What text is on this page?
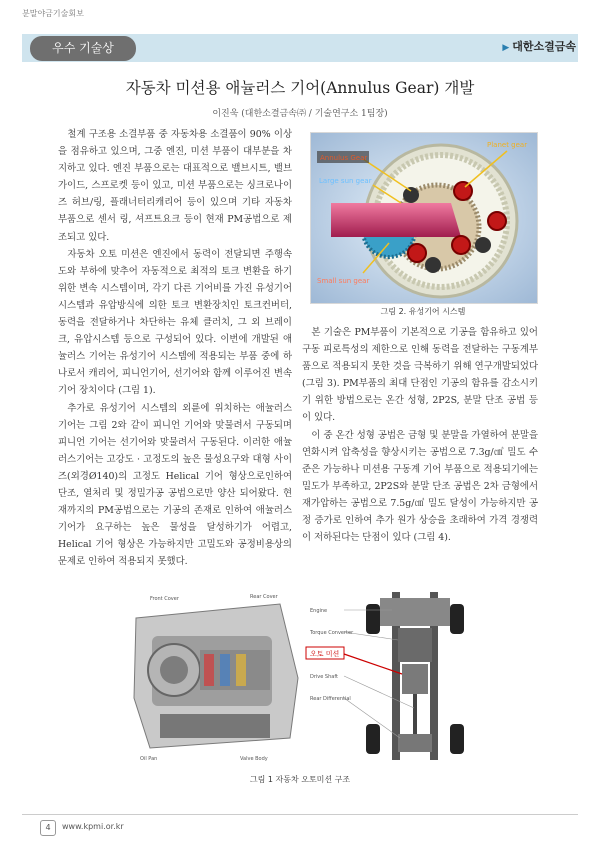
분말야금기술회보
우수 기술상	▶ 대한소결금속
자동차 미션용 애뉼러스 기어(Annulus Gear) 개발
이진욱 (대한소결금속㈜ / 기술연구소 1팀장)

철계 구조용 소결부품 중 자동차용 소결품이 90% 이상을 점유하고 있으며, 그중 엔진, 미션 부품이 대부분을 차지하고 있다. 엔진 부품으로는 대표적으로 밸브시트, 밸브가이드, 스프로켓 등이 있고, 미션 부품으로는 싱크로나이즈 허브/링, 플래너터리캐리어 등이 있으며 기타 자동차 부품으로 센서 링, 셔프트요크 등이 현재 PM공법으로 제조되고 있다.

자동차 오토 미션은 엔진에서 동력이 전달되면 주행속도와 부하에 맞추어 자동적으로 최적의 토크 변환을 하기 위한 변속 시스템이며, 각기 다른 기어비를 가진 유성기어 시스템과 유압방식에 의한 토크 변환장치인 토크컨버터, 동력을 전달하거나 차단하는 유체 클러치, 그 외 브레이크, 유압시스템 등으로 구성되어 있다. 이번에 개발된 애뉼러스 기어는 유성기어 시스템에 적용되는 부품 중에 하나로서 캐리어, 피니언기어, 선기어와 함께 이루어진 변속기어 장치이다 (그림 1).

추가로 유성기어 시스템의 외륜에 위치하는 애뉼러스 기어는 그림 2와 같이 피니언 기어와 맞물려서 구동되며 피니언 기어는 선기어와 맞물려서 구동된다. 이러한 애뉼러스기어는 고강도 · 고정도의 높은 물성요구와 대형 사이즈(외경Ø140)의 고정도 Helical 기어 형상으로인하여 단조, 열처리 및 정밀가공 공법으로만 양산 되어왔다. 현재까지의 PM공법으로는 기공의 존재로 인하여 애뉼러스 기어가 요구하는 높은 물성을 달성하기가 어렵고, Helical 기어 형상은 가능하지만 고밀도와 공정비용상의 문제로 인하여 적용되지 못했다.

Annulus Gear
Planet gear
Large sun gear
Small sun gear
그림 2. 유성기어 시스템

본 기술은 PM부품이 기본적으로 기공을 함유하고 있어 구동 피로특성의 제한으로 인해 동력을 전달하는 구동계부품으로 적용되지 못한 것을 극복하기 위해 연구개발되었다 (그림 3). PM부품의 최대 단점인 기공의 함유를 감소시키기 위한 방법으로는 온간 성형, 2P2S, 분말 단조 공법 등이 있다.

이 중 온간 성형 공법은 금형 및 분말을 가열하여 분말을 연화시켜 압축성을 향상시키는 공법으로 7.3g/㎤ 밀도 수준은 가능하나 미션용 구동계 기어 부품으로 적용되기에는 밀도가 부족하고, 2P2S와 분말 단조 공법은 2차 금형에서 재가압하는 공법으로 7.5g/㎤ 밀도 달성이 가능하지만 공정 증가로 인하여 추가 원가 상승을 초래하여 가격 경쟁력이 저하된다는 단점이 있다 (그림 4).

Front Cover	Rear Cover
Oil Pan	Valve Body
Engine
Torque Converter
오토 미션
Drive Shaft
Rear Differential
그림 1 자동차 오토미션 구조
4	www.kpmi.or.kr
